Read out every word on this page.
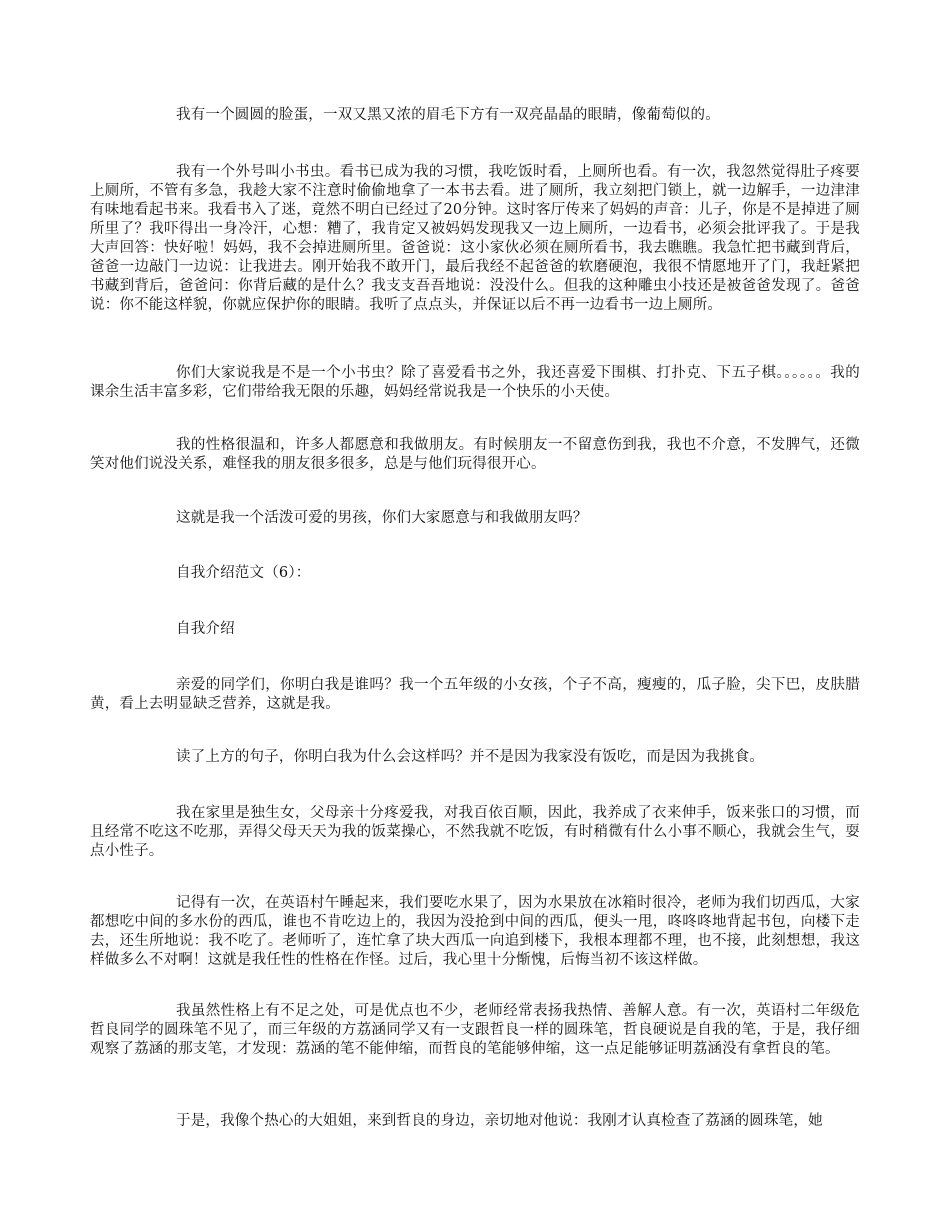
我有一个圆圆的脸蛋，一双又黑又浓的眉毛下方有一双亮晶晶的眼睛，像葡萄似的。

我有一个外号叫小书虫。看书已成为我的习惯，我吃饭时看，上厕所也看。有一次，我忽然觉得肚子疼要上厕所，不管有多急，我趁大家不注意时偷偷地拿了一本书去看。进了厕所，我立刻把门锁上，就一边解手，一边津津有味地看起书来。我看书入了迷，竟然不明白已经过了20分钟。这时客厅传来了妈妈的声音：儿子，你是不是掉进了厕所里了？我吓得出一身冷汗，心想：糟了，我肯定又被妈妈发现我又一边上厕所，一边看书，必须会批评我了。于是我大声回答：快好啦！妈妈，我不会掉进厕所里。爸爸说：这小家伙必须在厕所看书，我去瞧瞧。我急忙把书藏到背后，爸爸一边敲门一边说：让我进去。刚开始我不敢开门，最后我经不起爸爸的软磨硬泡，我很不情愿地开了门，我赶紧把书藏到背后，爸爸问：你背后藏的是什么？我支支吾吾地说：没没什么。但我的这种雕虫小技还是被爸爸发现了。爸爸说：你不能这样貌，你就应保护你的眼睛。我听了点点头，并保证以后不再一边看书一边上厕所。

你们大家说我是不是一个小书虫？除了喜爱看书之外，我还喜爱下围棋、打扑克、下五子棋。。。。。。我的课余生活丰富多彩，它们带给我无限的乐趣，妈妈经常说我是一个快乐的小天使。

我的性格很温和，许多人都愿意和我做朋友。有时候朋友一不留意伤到我，我也不介意，不发脾气，还微笑对他们说没关系，难怪我的朋友很多很多，总是与他们玩得很开心。

这就是我一个活泼可爱的男孩，你们大家愿意与和我做朋友吗？

自我介绍范文（6）：

自我介绍

亲爱的同学们，你明白我是谁吗？我一个五年级的小女孩，个子不高，瘦瘦的，瓜子脸，尖下巴，皮肤腊黄，看上去明显缺乏营养，这就是我。

读了上方的句子，你明白我为什么会这样吗？并不是因为我家没有饭吃，而是因为我挑食。

我在家里是独生女，父母亲十分疼爱我，对我百依百顺，因此，我养成了衣来伸手，饭来张口的习惯，而且经常不吃这不吃那，弄得父母天天为我的饭菜操心，不然我就不吃饭，有时稍微有什么小事不顺心，我就会生气，耍点小性子。

记得有一次，在英语村午睡起来，我们要吃水果了，因为水果放在冰箱时很冷，老师为我们切西瓜，大家都想吃中间的多水份的西瓜，谁也不肯吃边上的，我因为没抢到中间的西瓜，便头一甩，咚咚咚地背起书包，向楼下走去，还生所地说：我不吃了。老师听了，连忙拿了块大西瓜一向追到楼下，我根本理都不理，也不接，此刻想想，我这样做多么不对啊！这就是我任性的性格在作怪。过后，我心里十分惭愧，后悔当初不该这样做。

我虽然性格上有不足之处，可是优点也不少，老师经常表扬我热情、善解人意。有一次，英语村二年级危哲良同学的圆珠笔不见了，而三年级的方荔涵同学又有一支跟哲良一样的圆珠笔，哲良硬说是自我的笔，于是，我仔细观察了荔涵的那支笔，才发现：荔涵的笔不能伸缩，而哲良的笔能够伸缩，这一点足能够证明荔涵没有拿哲良的笔。

于是，我像个热心的大姐姐，来到哲良的身边，亲切地对他说：我刚才认真检查了荔涵的圆珠笔，她
